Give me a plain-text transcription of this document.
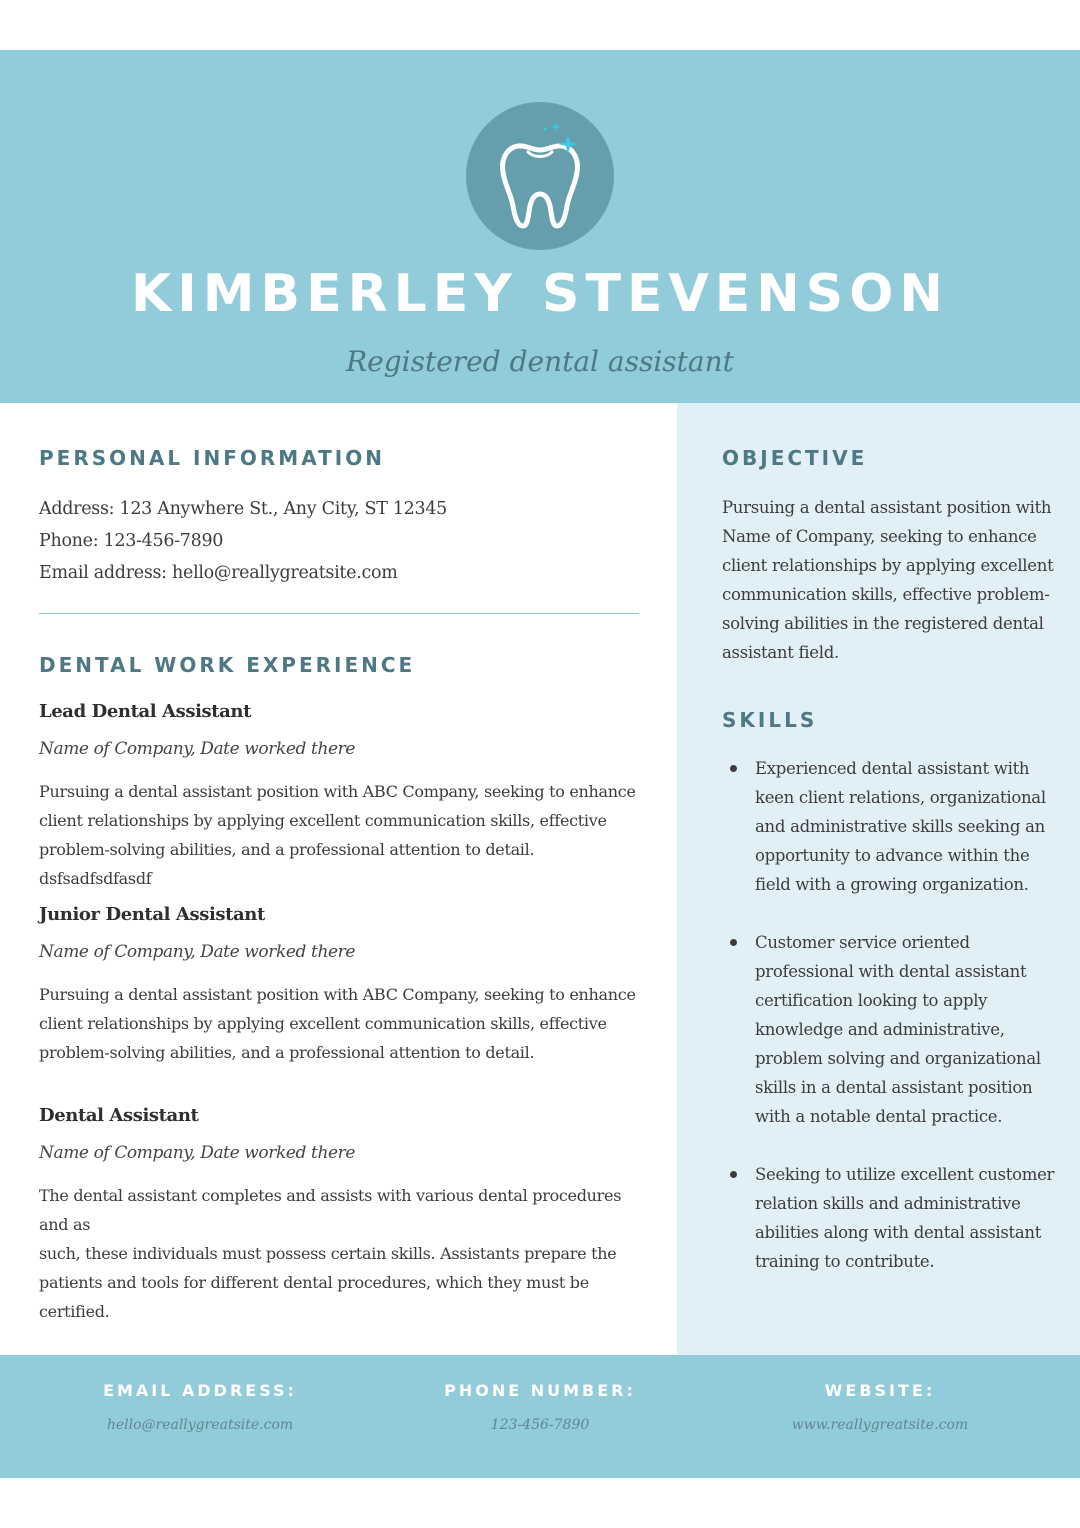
KIMBERLEY STEVENSON
Registered dental assistant
PERSONAL INFORMATION
Address: 123 Anywhere St., Any City, ST 12345
Phone: 123-456-7890
Email address: hello@reallygreatsite.com
DENTAL WORK EXPERIENCE
Lead Dental Assistant
Name of Company, Date worked there
Pursuing a dental assistant position with ABC Company, seeking to enhance
client relationships by applying excellent communication skills, effective
problem-solving abilities, and a professional attention to detail. dsfsadfsdfasdf
Junior Dental Assistant
Name of Company, Date worked there
Pursuing a dental assistant position with ABC Company, seeking to enhance
client relationships by applying excellent communication skills, effective
problem-solving abilities, and a professional attention to detail.
Dental Assistant
Name of Company, Date worked there
The dental assistant completes and assists with various dental procedures and as
such, these individuals must possess certain skills. Assistants prepare the
patients and tools for different dental procedures, which they must be certified.
OBJECTIVE
Pursuing a dental assistant position with
Name of Company, seeking to enhance
client relationships by applying excellent
communication skills, effective problem-
solving abilities in the registered dental
assistant field.
SKILLS
Experienced dental assistant with keen client relations, organizational and administrative skills seeking an opportunity to advance within the field with a growing organization.
Customer service oriented professional with dental assistant certification looking to apply knowledge and administrative, problem solving and organizational skills in a dental assistant position with a notable dental practice.
Seeking to utilize excellent customer relation skills and administrative abilities along with dental assistant training to contribute.
EMAIL ADDRESS:
hello@reallygreatsite.com
PHONE NUMBER:
123-456-7890
WEBSITE:
www.reallygreatsite.com
